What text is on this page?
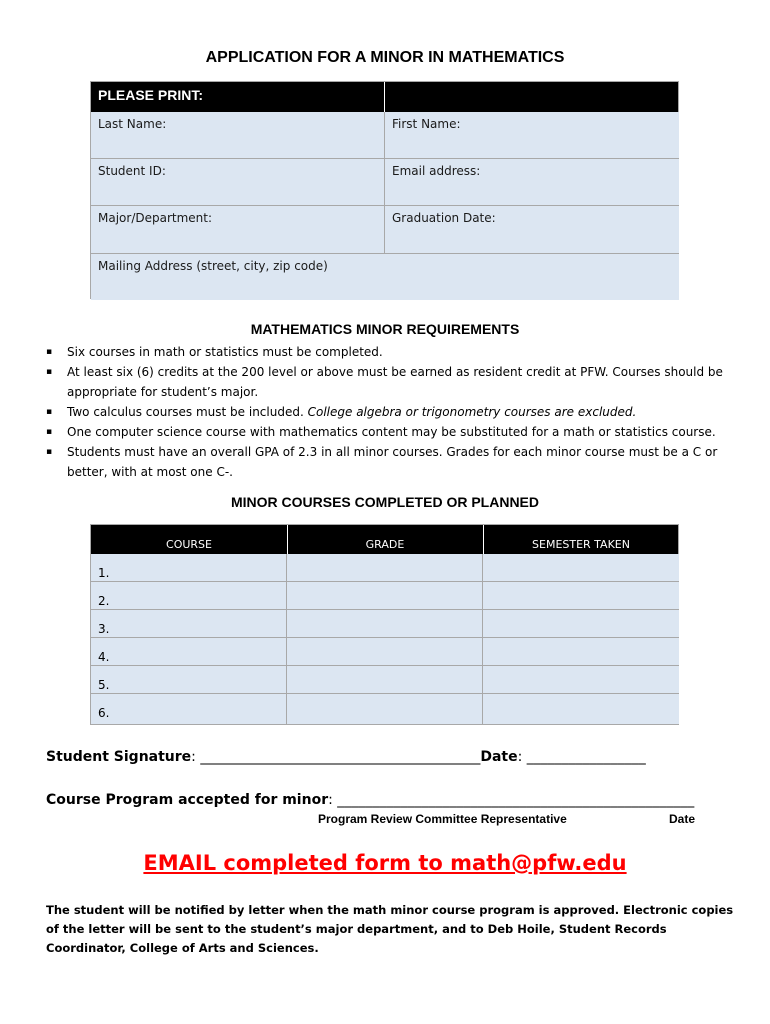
APPLICATION FOR A MINOR IN MATHEMATICS
PLEASE PRINT:
Last Name:	First Name:
Student ID:	Email address:
Major/Department:	Graduation Date:
Mailing Address (street, city, zip code)
MATHEMATICS MINOR REQUIREMENTS
▪ Six courses in math or statistics must be completed.
▪ At least six (6) credits at the 200 level or above must be earned as resident credit at PFW. Courses should be appropriate for student’s major.
▪ Two calculus courses must be included. College algebra or trigonometry courses are excluded.
▪ One computer science course with mathematics content may be substituted for a math or statistics course.
▪ Students must have an overall GPA of 2.3 in all minor courses. Grades for each minor course must be a C or better, with at most one C-.
MINOR COURSES COMPLETED OR PLANNED
COURSE	GRADE	SEMESTER TAKEN
1.
2.
3.
4.
5.
6.
Student Signature: ________________________________________Date: _________________
Course Program accepted for minor: ___________________________________________________
Program Review Committee Representative	Date
EMAIL completed form to math@pfw.edu
The student will be notified by letter when the math minor course program is approved. Electronic copies of the letter will be sent to the student’s major department, and to Deb Hoile, Student Records Coordinator, College of Arts and Sciences.
